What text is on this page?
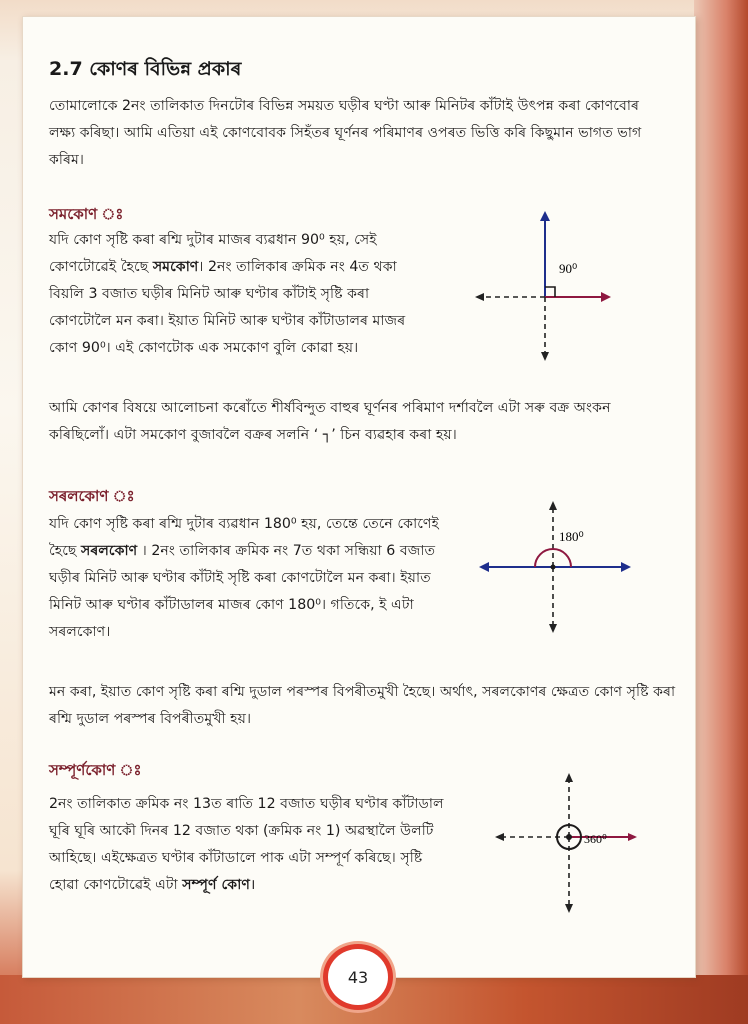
2.7 কোণৰ বিভিন্ন প্ৰকাৰ

তোমালোকে 2নং তালিকাত দিনটোৰ বিভিন্ন সময়ত ঘড়ীৰ ঘণ্টা আৰু মিনিটৰ কাঁটাই উৎপন্ন কৰা কোণবোৰ লক্ষ্য কৰিছা। আমি এতিয়া এই কোণবোবক সিহঁতৰ ঘূৰ্ণনৰ পৰিমাণৰ ওপৰত ভিত্তি কৰি কিছুমান ভাগত ভাগ কৰিম।

সমকোণ ঃ

যদি কোণ সৃষ্টি কৰা ৰশ্মি দুটাৰ মাজৰ ব্যৱধান 90⁰ হয়, সেই কোণটোৱেই হৈছে সমকোণ। 2নং তালিকাৰ ক্ৰমিক নং 4ত থকা বিয়লি 3 বজাত ঘড়ীৰ মিনিট আৰু ঘণ্টাৰ কাঁটাই সৃষ্টি কৰা কোণটোলৈ মন কৰা। ইয়াত মিনিট আৰু ঘণ্টাৰ কাঁটাডালৰ মাজৰ কোণ 90⁰। এই কোণটোক এক সমকোণ বুলি কোৱা হয়।

90⁰

আমি কোণৰ বিষয়ে আলোচনা কৰোঁতে শীৰ্ষবিন্দুত বাহুৰ ঘূৰ্ণনৰ পৰিমাণ দৰ্শাবলৈ এটা সৰু বক্ৰ অংকন কৰিছিলোঁ। এটা সমকোণ বুজাবলৈ বক্ৰৰ সলনি ‘ ┐’ চিন ব্যৱহাৰ কৰা হয়।

সৰলকোণ ঃ

যদি কোণ সৃষ্টি কৰা ৰশ্মি দুটাৰ ব্যৱধান 180⁰ হয়, তেন্তে তেনে কোণেই হৈছে সৰলকোণ । 2নং তালিকাৰ ক্ৰমিক নং 7ত থকা সন্ধিয়া 6 বজাত ঘড়ীৰ মিনিট আৰু ঘণ্টাৰ কাঁটাই সৃষ্টি কৰা কোণটোলৈ মন কৰা। ইয়াত মিনিট আৰু ঘণ্টাৰ কাঁটাডালৰ মাজৰ কোণ 180⁰। গতিকে, ই এটা সৰলকোণ।

180⁰

মন কৰা, ইয়াত কোণ সৃষ্টি কৰা ৰশ্মি দুডাল পৰস্পৰ বিপৰীতমুখী হৈছে। অৰ্থাৎ, সৰলকোণৰ ক্ষেত্ৰত কোণ সৃষ্টি কৰা ৰশ্মি দুডাল পৰস্পৰ বিপৰীতমুখী হয়।

সম্পূৰ্ণকোণ ঃ

2নং তালিকাত ক্ৰমিক নং 13ত ৰাতি 12 বজাত ঘড়ীৰ ঘণ্টাৰ কাঁটাডাল ঘূৰি ঘূৰি আকৌ দিনৰ 12 বজাত থকা (ক্ৰমিক নং 1) অৱস্থালৈ উলটি আহিছে। এইক্ষেত্ৰত ঘণ্টাৰ কাঁটাডালে পাক এটা সম্পূৰ্ণ কৰিছে। সৃষ্টি হোৱা কোণটোৱেই এটা সম্পূৰ্ণ কোণ।

360⁰
43
